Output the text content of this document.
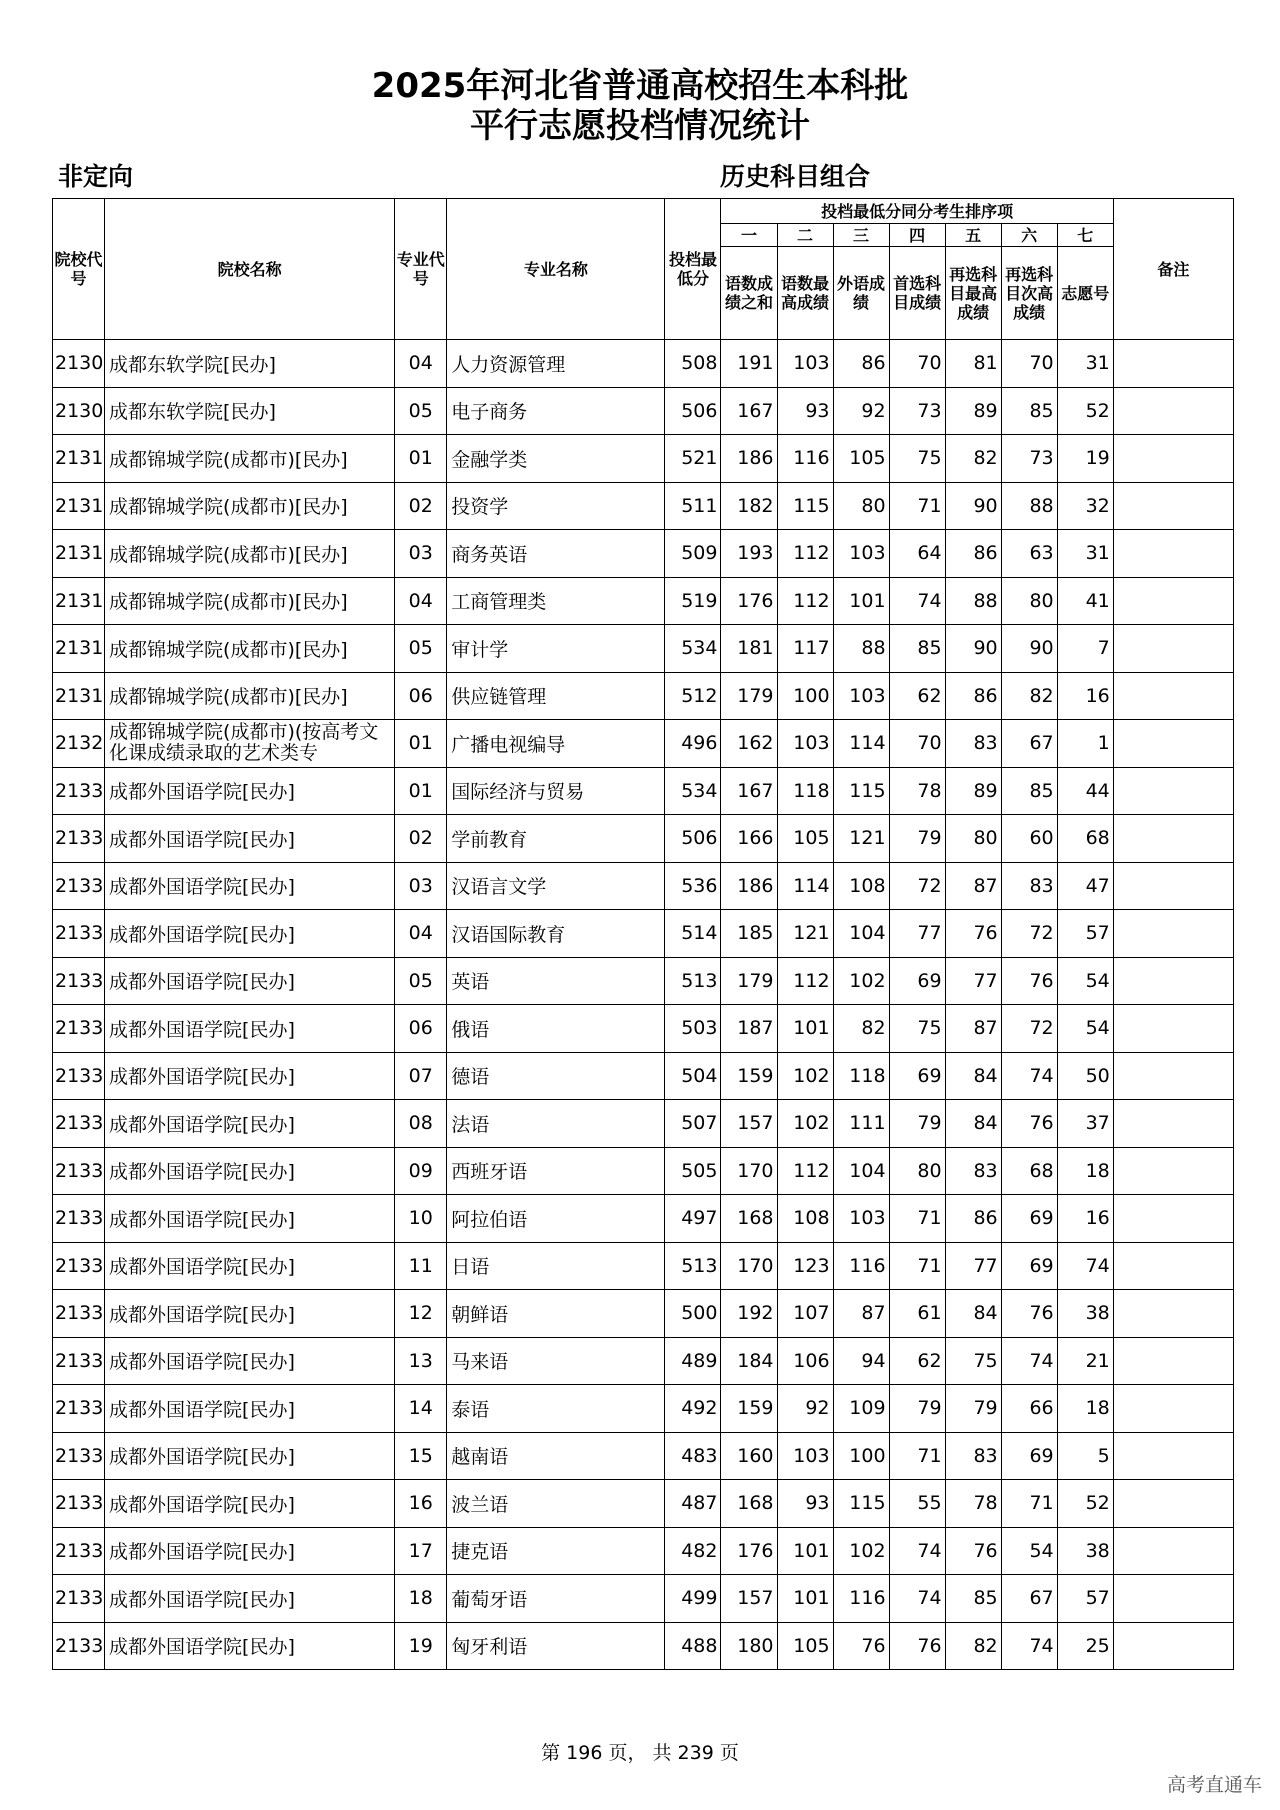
2025年河北省普通高校招生本科批
平行志愿投档情况统计
非定向	历史科目组合
院校代号	院校名称	专业代号	专业名称	投档最低分	投档最低分同分考生排序项							备注
					一	二	三	四	五	六	七	
					语数成绩之和	语数最高成绩	外语成绩	首选科目成绩	再选科目最高成绩	再选科目次高成绩	志愿号	
2130	成都东软学院[民办]	04	人力资源管理	508	191	103	86	70	81	70	31	
2130	成都东软学院[民办]	05	电子商务	506	167	93	92	73	89	85	52	
2131	成都锦城学院(成都市)[民办]	01	金融学类	521	186	116	105	75	82	73	19	
2131	成都锦城学院(成都市)[民办]	02	投资学	511	182	115	80	71	90	88	32	
2131	成都锦城学院(成都市)[民办]	03	商务英语	509	193	112	103	64	86	63	31	
2131	成都锦城学院(成都市)[民办]	04	工商管理类	519	176	112	101	74	88	80	41	
2131	成都锦城学院(成都市)[民办]	05	审计学	534	181	117	88	85	90	90	7	
2131	成都锦城学院(成都市)[民办]	06	供应链管理	512	179	100	103	62	86	82	16	
2132	成都锦城学院(成都市)(按高考文化课成绩录取的艺术类专	01	广播电视编导	496	162	103	114	70	83	67	1	
2133	成都外国语学院[民办]	01	国际经济与贸易	534	167	118	115	78	89	85	44	
2133	成都外国语学院[民办]	02	学前教育	506	166	105	121	79	80	60	68	
2133	成都外国语学院[民办]	03	汉语言文学	536	186	114	108	72	87	83	47	
2133	成都外国语学院[民办]	04	汉语国际教育	514	185	121	104	77	76	72	57	
2133	成都外国语学院[民办]	05	英语	513	179	112	102	69	77	76	54	
2133	成都外国语学院[民办]	06	俄语	503	187	101	82	75	87	72	54	
2133	成都外国语学院[民办]	07	德语	504	159	102	118	69	84	74	50	
2133	成都外国语学院[民办]	08	法语	507	157	102	111	79	84	76	37	
2133	成都外国语学院[民办]	09	西班牙语	505	170	112	104	80	83	68	18	
2133	成都外国语学院[民办]	10	阿拉伯语	497	168	108	103	71	86	69	16	
2133	成都外国语学院[民办]	11	日语	513	170	123	116	71	77	69	74	
2133	成都外国语学院[民办]	12	朝鲜语	500	192	107	87	61	84	76	38	
2133	成都外国语学院[民办]	13	马来语	489	184	106	94	62	75	74	21	
2133	成都外国语学院[民办]	14	泰语	492	159	92	109	79	79	66	18	
2133	成都外国语学院[民办]	15	越南语	483	160	103	100	71	83	69	5	
2133	成都外国语学院[民办]	16	波兰语	487	168	93	115	55	78	71	52	
2133	成都外国语学院[民办]	17	捷克语	482	176	101	102	74	76	54	38	
2133	成都外国语学院[民办]	18	葡萄牙语	499	157	101	116	74	85	67	57	
2133	成都外国语学院[民办]	19	匈牙利语	488	180	105	76	76	82	74	25	
第 196 页， 共 239 页
高考直通车
